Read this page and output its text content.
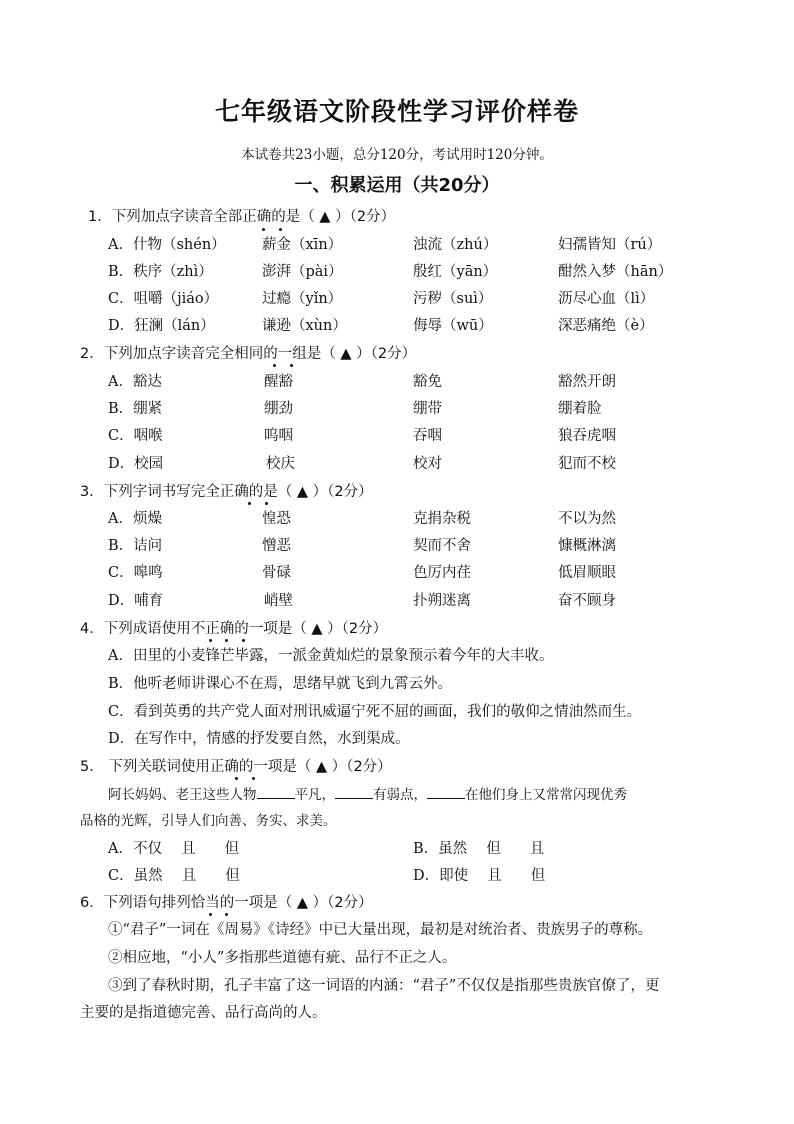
七年级语文阶段性学习评价样卷
本试卷共23小题，总分120分，考试用时120分钟。
一、积累运用（共20分）
1．下列加点字读音全部正确的是（ ▲ ）（2分）
A．什物（shén）	薪金（xīn）	浊流（zhú）	妇孺皆知（rú）
B．秩序（zhì）	澎湃（pài）	殷红（yān）	酣然入梦（hān）
C．咀嚼（jiáo）	过瘾（yǐn）	污秽（suì）	沥尽心血（lì）
D．狂澜（lán）	谦逊（xùn）	侮辱（wū）	深恶痛绝（è）
2．下列加点字读音完全相同的一组是（ ▲ ）（2分）
A．豁达	醒豁	豁免	豁然开朗
B．绷紧	绷劲	绷带	绷着脸
C．咽喉	呜咽	吞咽	狼吞虎咽
D．校园	校庆	校对	犯而不校
3．下列字词书写完全正确的是（ ▲ ）（2分）
A．烦燥	惶恐	克捐杂税	不以为然
B．诘问	憎恶	契而不舍	慷概淋漓
C．嗥鸣	骨碌	色厉内荏	低眉顺眼
D．哺育	峭壁	扑朔迷离	奋不顾身
4．下列成语使用不正确的一项是（ ▲ ）（2分）
A．田里的小麦锋芒毕露，一派金黄灿烂的景象预示着今年的大丰收。
B．他听老师讲课心不在焉，思绪早就飞到九霄云外。
C．看到英勇的共产党人面对刑讯威逼宁死不屈的画面，我们的敬仰之情油然而生。
D．在写作中，情感的抒发要自然，水到渠成。
5． 下列关联词使用正确的一项是（ ▲ ）（2分）
阿长妈妈、老王这些人物	平凡，	有弱点，	在他们身上又常常闪现优秀
品格的光辉，引导人们向善、务实、求美。
A．不仅　 且　　但	B．虽然　 但　　且
C．虽然　 且　　但	D．即使　 且　　但
6．下列语句排列恰当的一项是（ ▲ ）（2分）
①“君子”一词在《周易》《诗经》中已大量出现，最初是对统治者、贵族男子的尊称。
②相应地，“小人”多指那些道德有疵、品行不正之人。
③到了春秋时期，孔子丰富了这一词语的内涵：“君子”不仅仅是指那些贵族官僚了，更
主要的是指道德完善、品行高尚的人。
